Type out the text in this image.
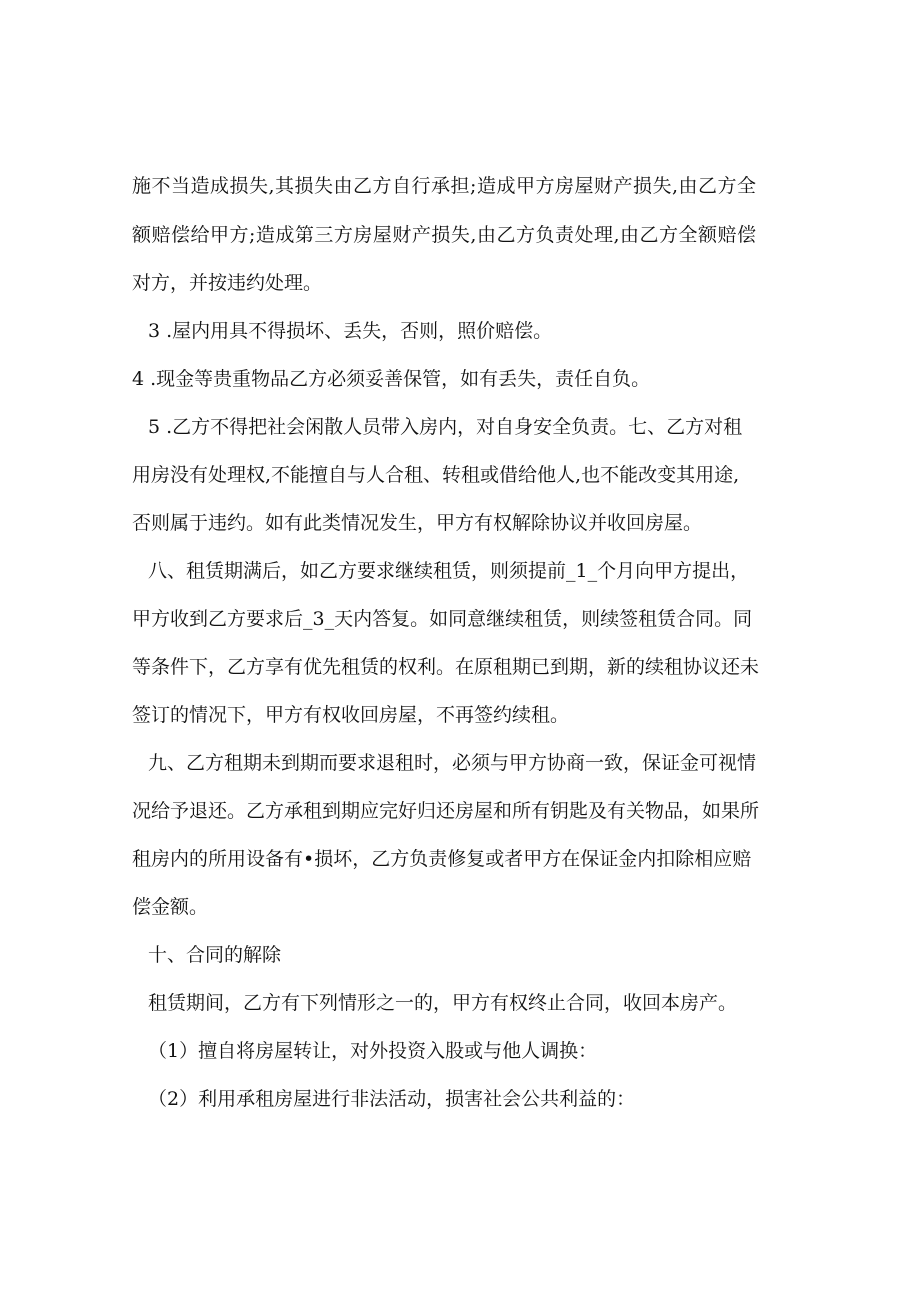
施不当造成损失,其损失由乙方自行承担;造成甲方房屋财产损失,由乙方全
额赔偿给甲方;造成第三方房屋财产损失,由乙方负责处理,由乙方全额赔偿
对方，并按违约处理。
3 .屋内用具不得损坏、丢失，否则，照价赔偿。
4 .现金等贵重物品乙方必须妥善保管，如有丢失，责任自负。
5 .乙方不得把社会闲散人员带入房内，对自身安全负责。七、乙方对租
用房没有处理权,不能擅自与人合租、转租或借给他人,也不能改变其用途,
否则属于违约。如有此类情况发生，甲方有权解除协议并收回房屋。
八、租赁期满后，如乙方要求继续租赁，则须提前_1_个月向甲方提出，
甲方收到乙方要求后_3_天内答复。如同意继续租赁，则续签租赁合同。同
等条件下，乙方享有优先租赁的权利。在原租期已到期，新的续租协议还未
签订的情况下，甲方有权收回房屋，不再签约续租。
九、乙方租期未到期而要求退租时，必须与甲方协商一致，保证金可视情
况给予退还。乙方承租到期应完好归还房屋和所有钥匙及有关物品，如果所
租房内的所用设备有•损坏，乙方负责修复或者甲方在保证金内扣除相应赔
偿金额。
十、合同的解除
租赁期间，乙方有下列情形之一的，甲方有权终止合同，收回本房产。
（1）擅自将房屋转让，对外投资入股或与他人调换：
（2）利用承租房屋进行非法活动，损害社会公共利益的：
